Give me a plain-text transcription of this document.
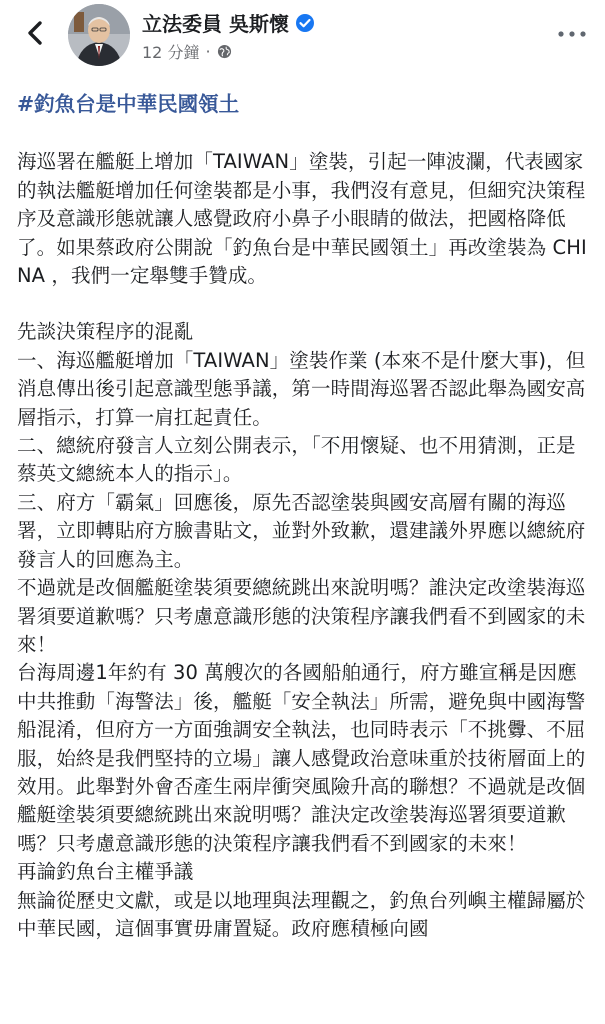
立法委員 吳斯懷
12 分鐘 ·
#釣魚台是中華民國領土

海巡署在艦艇上增加「TAIWAN」塗裝，引起一陣波瀾，代表國家的執法艦艇增加任何塗裝都是小事，我們沒有意見，但細究決策程序及意識形態就讓人感覺政府小鼻子小眼睛的做法，把國格降低了。如果蔡政府公開說「釣魚台是中華民國領土」再改塗裝為 CHINA ，我們一定舉雙手贊成。

先談決策程序的混亂

一、海巡艦艇增加「TAIWAN」塗裝作業 (本來不是什麼大事)，但消息傳出後引起意識型態爭議，第一時間海巡署否認此舉為國安高層指示，打算一肩扛起責任。

二、總統府發言人立刻公開表示，「不用懷疑、也不用猜測，正是蔡英文總統本人的指示」。

三、府方「霸氣」回應後，原先否認塗裝與國安高層有關的海巡署，立即轉貼府方臉書貼文，並對外致歉，還建議外界應以總統府發言人的回應為主。

不過就是改個艦艇塗裝須要總統跳出來說明嗎？誰決定改塗裝海巡署須要道歉嗎？只考慮意識形態的決策程序讓我們看不到國家的未來！

台海周邊1年約有 30 萬艘次的各國船舶通行，府方雖宣稱是因應中共推動「海警法」後，艦艇「安全執法」所需，避免與中國海警船混淆，但府方一方面強調安全執法，也同時表示「不挑釁、不屈服，始終是我們堅持的立場」讓人感覺政治意味重於技術層面上的效用。此舉對外會否產生兩岸衝突風險升高的聯想？不過就是改個艦艇塗裝須要總統跳出來說明嗎？誰決定改塗裝海巡署須要道歉嗎？只考慮意識形態的決策程序讓我們看不到國家的未來！

再論釣魚台主權爭議

無論從歷史文獻，或是以地理與法理觀之，釣魚台列嶼主權歸屬於中華民國，這個事實毋庸置疑。政府應積極向國
